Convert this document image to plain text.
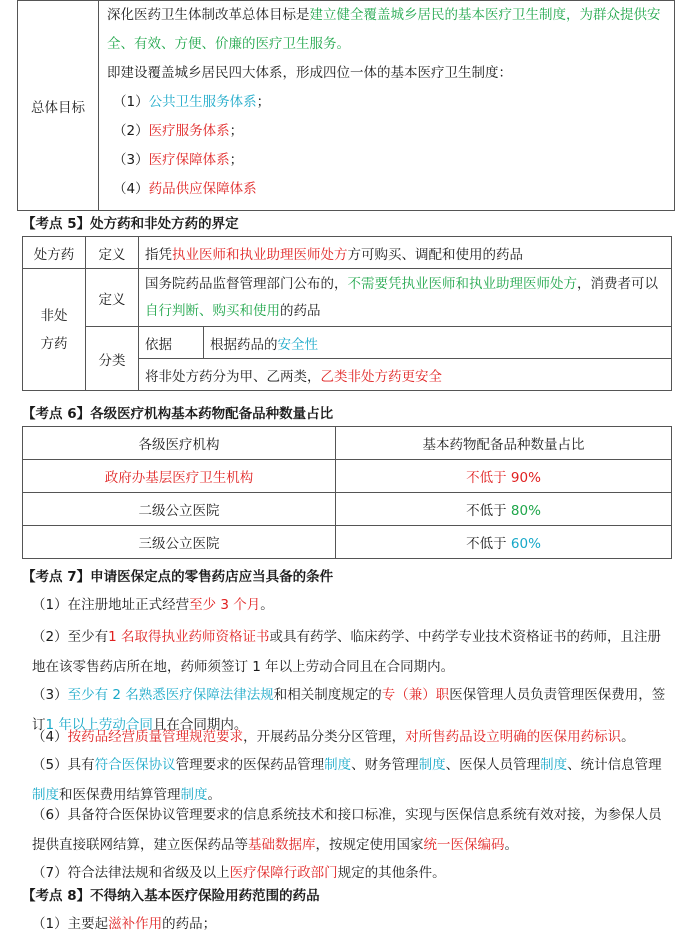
总体目标	
深化医药卫生体制改革总体目标是建立健全覆盖城乡居民的基本医疗卫生制度，为群众提供安全、有效、方便、价廉的医疗卫生服务。
即建设覆盖城乡居民四大体系，形成四位一体的基本医疗卫生制度：
（1）公共卫生服务体系；
（2）医疗服务体系；
（3）医疗保障体系；
（4）药品供应保障体系
【考点 5】处方药和非处方药的界定
处方药	定义	指凭执业医师和执业助理医师处方方可购买、调配和使用的药品	

非处方药	定义	国务院药品监督管理部门公布的，不需要凭执业医师和执业助理医师处方，消费者可以自行判断、购买和使用的药品	
	分类	依据	根据药品的安全性
		将非处方药分为甲、乙两类，乙类非处方药更安全	
【考点 6】各级医疗机构基本药物配备品种数量占比
各级医疗机构	基本药物配备品种数量占比
政府办基层医疗卫生机构	不低于 90%
二级公立医院	不低于 80%
三级公立医院	不低于 60%
【考点 7】申请医保定点的零售药店应当具备的条件
（1）在注册地址正式经营至少 3 个月。
（2）至少有1 名取得执业药师资格证书或具有药学、临床药学、中药学专业技术资格证书的药师，且注册地在该零售药店所在地，药师须签订 1 年以上劳动合同且在合同期内。
（3）至少有 2 名熟悉医疗保障法律法规和相关制度规定的专（兼）职医保管理人员负责管理医保费用，签订1 年以上劳动合同且在合同期内。
（4）按药品经营质量管理规范要求，开展药品分类分区管理，对所售药品设立明确的医保用药标识。
（5）具有符合医保协议管理要求的医保药品管理制度、财务管理制度、医保人员管理制度、统计信息管理制度和医保费用结算管理制度。
（6）具备符合医保协议管理要求的信息系统技术和接口标准，实现与医保信息系统有效对接，为参保人员提供直接联网结算，建立医保药品等基础数据库，按规定使用国家统一医保编码。
（7）符合法律法规和省级及以上医疗保障行政部门规定的其他条件。
【考点 8】不得纳入基本医疗保险用药范围的药品
（1）主要起滋补作用的药品；
